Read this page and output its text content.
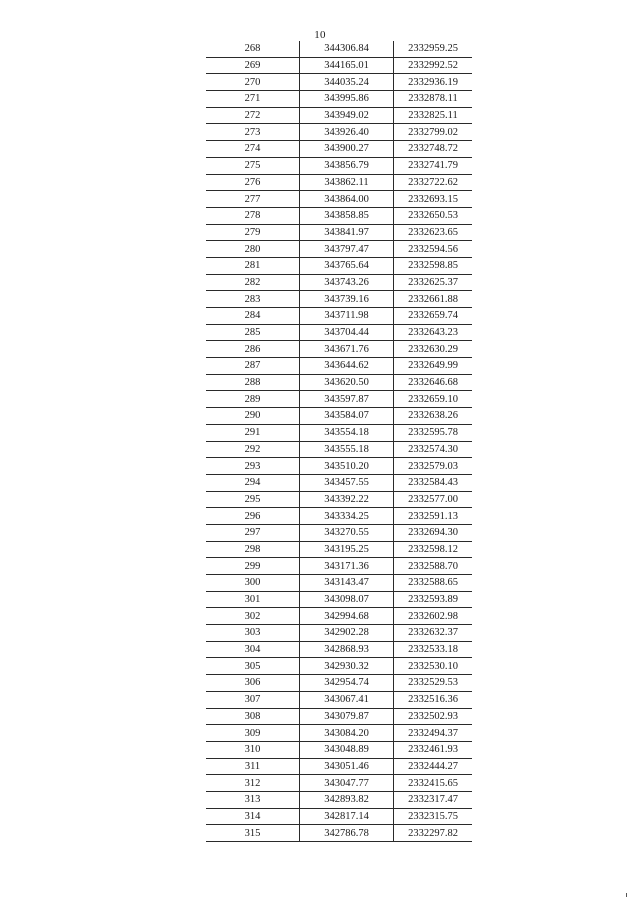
10
268	344306.84	2332959.25
269	344165.01	2332992.52
270	344035.24	2332936.19
271	343995.86	2332878.11
272	343949.02	2332825.11
273	343926.40	2332799.02
274	343900.27	2332748.72
275	343856.79	2332741.79
276	343862.11	2332722.62
277	343864.00	2332693.15
278	343858.85	2332650.53
279	343841.97	2332623.65
280	343797.47	2332594.56
281	343765.64	2332598.85
282	343743.26	2332625.37
283	343739.16	2332661.88
284	343711.98	2332659.74
285	343704.44	2332643.23
286	343671.76	2332630.29
287	343644.62	2332649.99
288	343620.50	2332646.68
289	343597.87	2332659.10
290	343584.07	2332638.26
291	343554.18	2332595.78
292	343555.18	2332574.30
293	343510.20	2332579.03
294	343457.55	2332584.43
295	343392.22	2332577.00
296	343334.25	2332591.13
297	343270.55	2332694.30
298	343195.25	2332598.12
299	343171.36	2332588.70
300	343143.47	2332588.65
301	343098.07	2332593.89
302	342994.68	2332602.98
303	342902.28	2332632.37
304	342868.93	2332533.18
305	342930.32	2332530.10
306	342954.74	2332529.53
307	343067.41	2332516.36
308	343079.87	2332502.93
309	343084.20	2332494.37
310	343048.89	2332461.93
311	343051.46	2332444.27
312	343047.77	2332415.65
313	342893.82	2332317.47
314	342817.14	2332315.75
315	342786.78	2332297.82
